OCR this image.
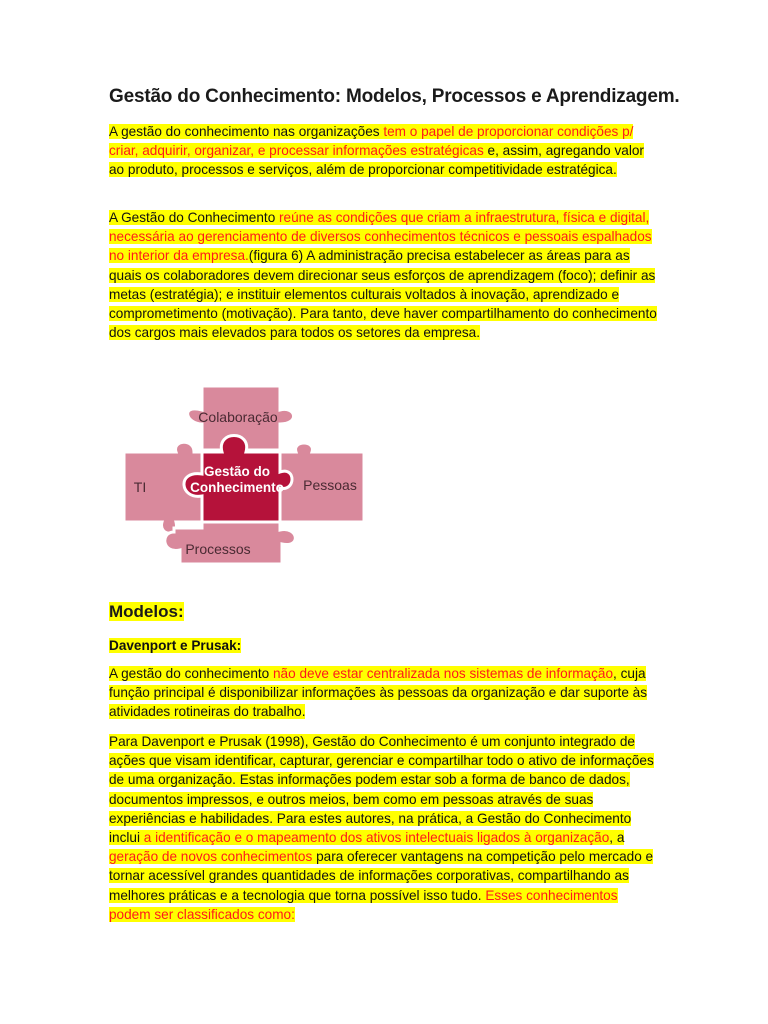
Gestão do Conhecimento: Modelos, Processos e Aprendizagem.

A gestão do conhecimento nas organizações tem o papel de proporcionar condições p/ criar, adquirir, organizar, e processar informações estratégicas e, assim, agregando valor ao produto, processos e serviços, além de proporcionar competitividade estratégica.

A Gestão do Conhecimento reúne as condições que criam a infraestrutura, física e digital, necessária ao gerenciamento de diversos conhecimentos técnicos e pessoais espalhados no interior da empresa.(figura 6) A administração precisa estabelecer as áreas para as quais os colaboradores devem direcionar seus esforços de aprendizagem (foco); definir as metas (estratégia); e instituir elementos culturais voltados à inovação, aprendizado e comprometimento (motivação). Para tanto, deve haver compartilhamento do conhecimento dos cargos mais elevados para todos os setores da empresa.

Colaboração
TI	Pessoas
Processos
Gestão do
Conhecimento
Modelos:

Davenport e Prusak:

A gestão do conhecimento não deve estar centralizada nos sistemas de informação, cuja função principal é disponibilizar informações às pessoas da organização e dar suporte às atividades rotineiras do trabalho.

Para Davenport e Prusak (1998), Gestão do Conhecimento é um conjunto integrado de ações que visam identificar, capturar, gerenciar e compartilhar todo o ativo de informações de uma organização. Estas informações podem estar sob a forma de banco de dados, documentos impressos, e outros meios, bem como em pessoas através de suas experiências e habilidades. Para estes autores, na prática, a Gestão do Conhecimento inclui a identificação e o mapeamento dos ativos intelectuais ligados à organização, a geração de novos conhecimentos para oferecer vantagens na competição pelo mercado e tornar acessível grandes quantidades de informações corporativas, compartilhando as melhores práticas e a tecnologia que torna possível isso tudo. Esses conhecimentos podem ser classificados como:
